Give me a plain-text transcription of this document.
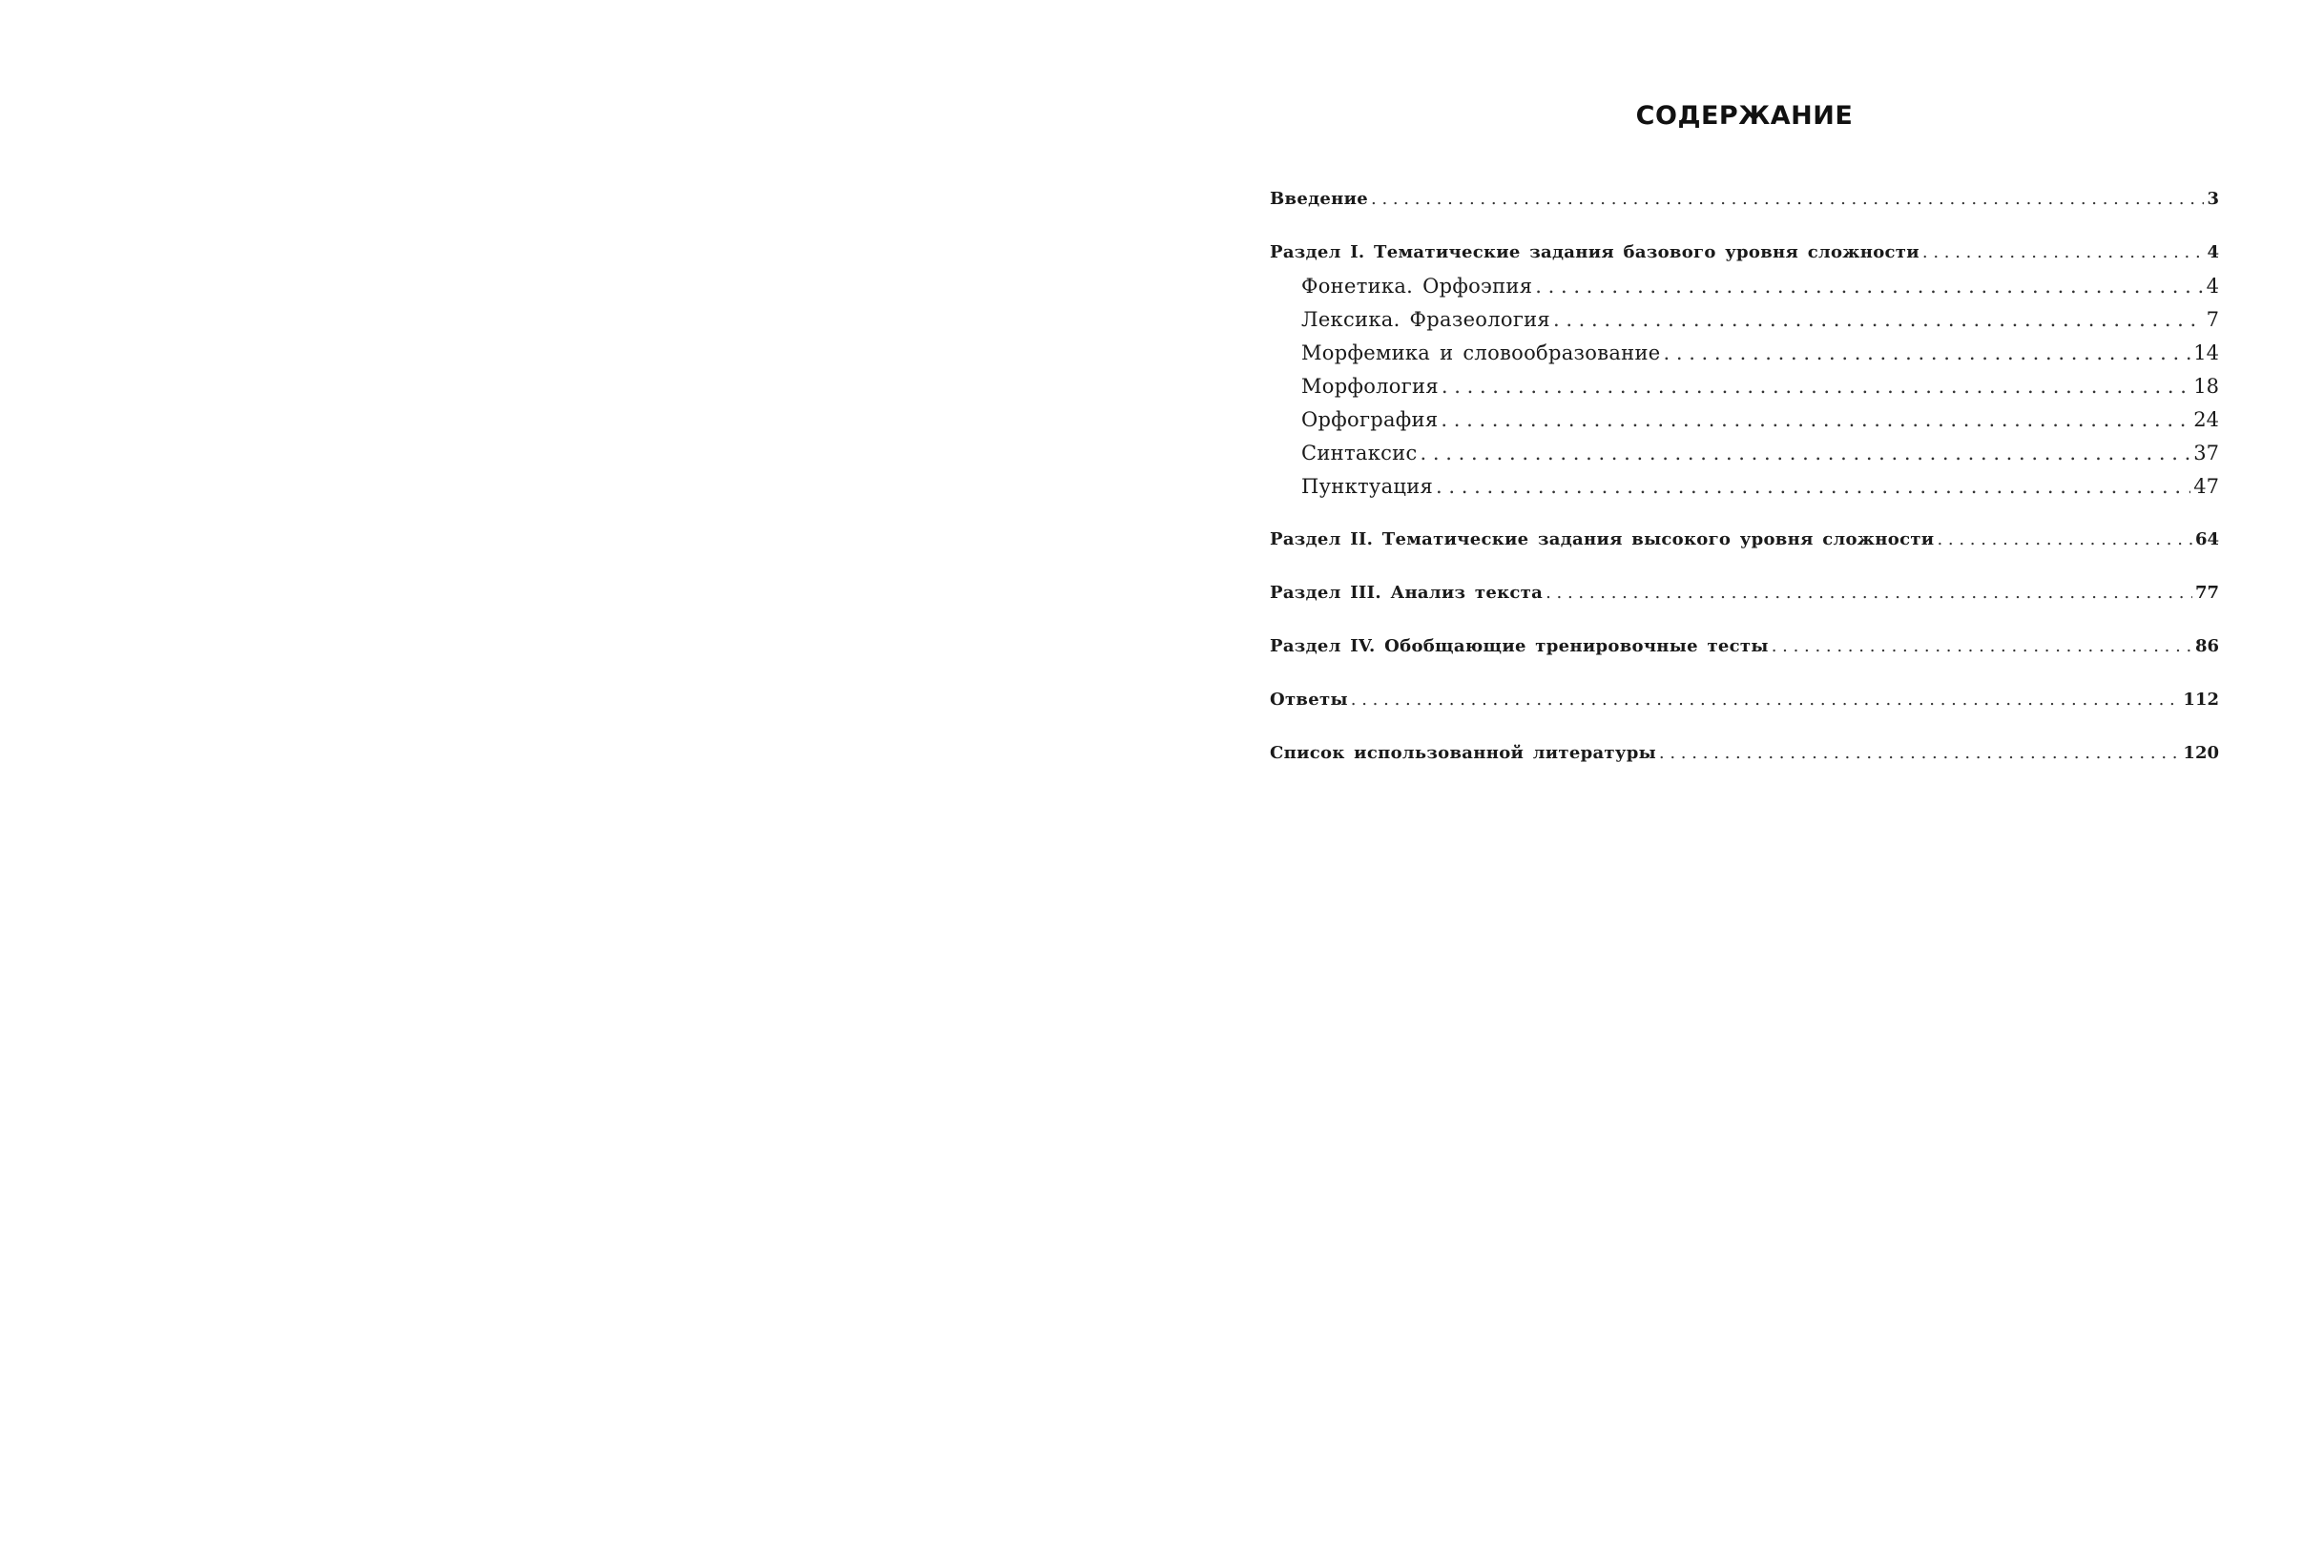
СОДЕРЖАНИЕ
Введение . . .	3
Раздел I. Тематические задания базового уровня сложности . . .	4
Фонетика. Орфоэпия . . .	4
Лексика. Фразеология . . .	7
Морфемика и словообразование . . .	14
Морфология . . .	18
Орфография . . .	24
Синтаксис . . .	37
Пунктуация . . .	47
Раздел II. Тематические задания высокого уровня сложности . . .	64
Раздел III. Анализ текста . . .	77
Раздел IV. Обобщающие тренировочные тесты . . .	86
Ответы . . .	112
Список использованной литературы . . .	120
